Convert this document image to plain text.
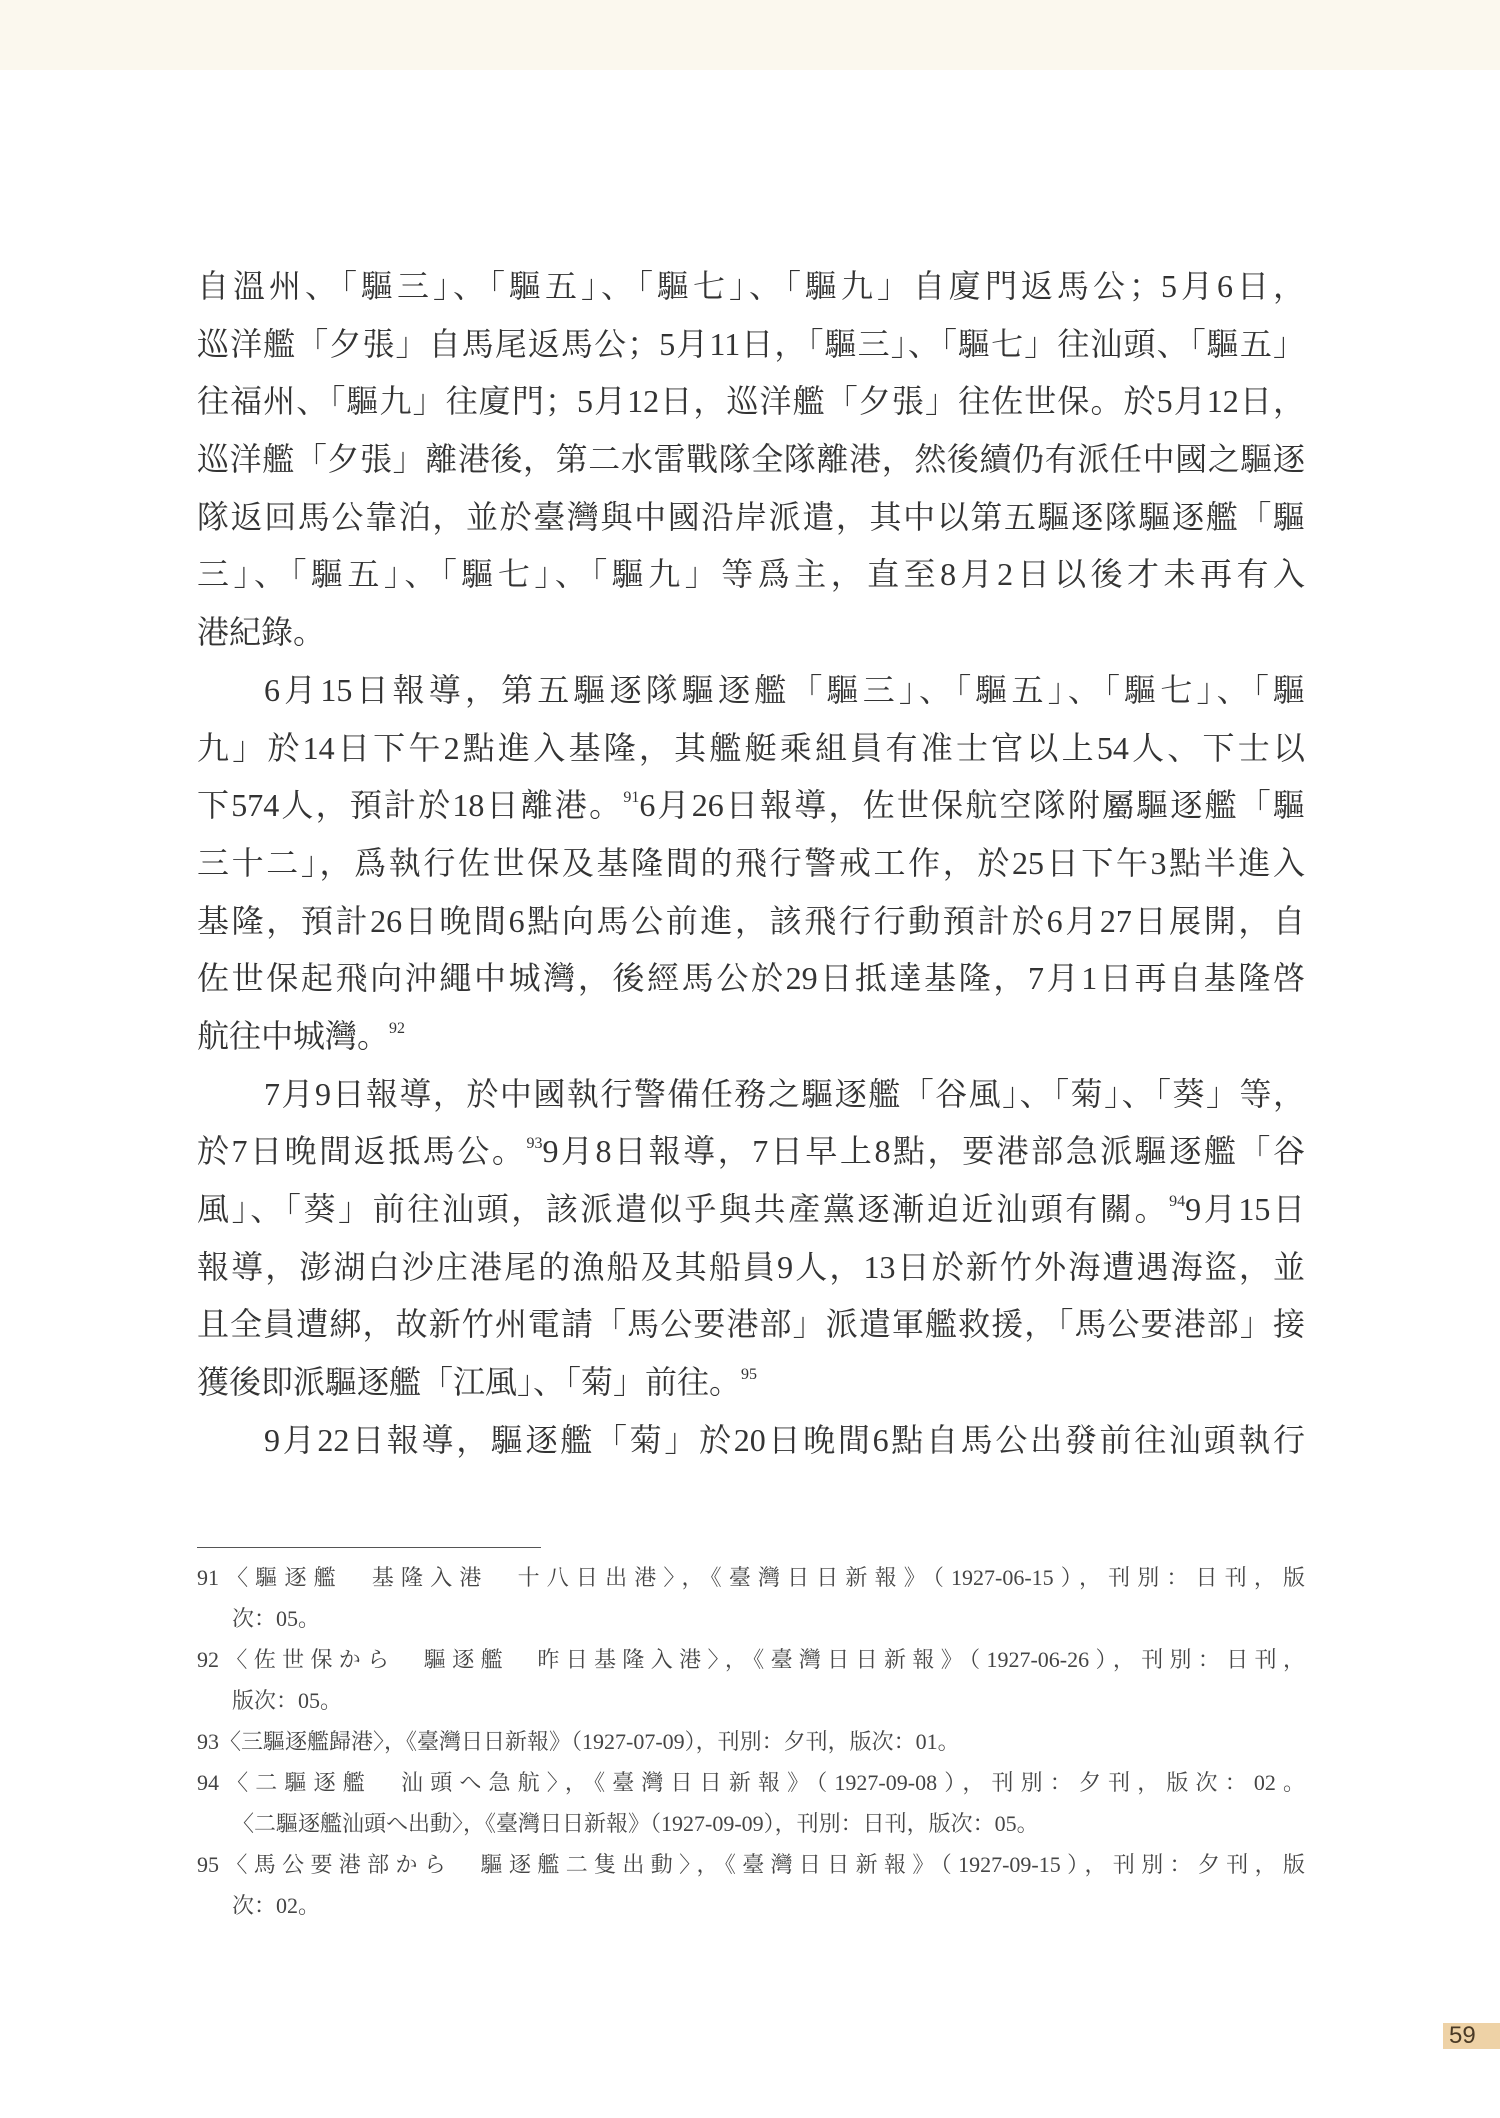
自溫州、「驅三」、「驅五」、「驅七」、「驅九」自廈門返馬公；5月6日，
巡洋艦「夕張」自馬尾返馬公；5月11日，「驅三」、「驅七」往汕頭、「驅五」
往福州、「驅九」往廈門；5月12日，巡洋艦「夕張」往佐世保。於5月12日，
巡洋艦「夕張」離港後，第二水雷戰隊全隊離港，然後續仍有派任中國之驅逐
隊返回馬公靠泊，並於臺灣與中國沿岸派遣，其中以第五驅逐隊驅逐艦「驅
三」、「驅五」、「驅七」、「驅九」等爲主，直至8月2日以後才未再有入
港紀錄。
6月15日報導，第五驅逐隊驅逐艦「驅三」、「驅五」、「驅七」、「驅
九」於14日下午2點進入基隆，其艦艇乘組員有准士官以上54人、下士以
下574人，預計於18日離港。$^{91}$6月26日報導，佐世保航空隊附屬驅逐艦「驅
三十二」，爲執行佐世保及基隆間的飛行警戒工作，於25日下午3點半進入
基隆，預計26日晚間6點向馬公前進，該飛行行動預計於6月27日展開，自
佐世保起飛向沖繩中城灣，後經馬公於29日抵達基隆，7月1日再自基隆啓
航往中城灣。$^{92}$
7月9日報導，於中國執行警備任務之驅逐艦「谷風」、「菊」、「葵」等，
於7日晚間返抵馬公。$^{93}$9月8日報導，7日早上8點，要港部急派驅逐艦「谷
風」、「葵」前往汕頭，該派遣似乎與共產黨逐漸迫近汕頭有關。$^{94}$9月15日
報導，澎湖白沙庄港尾的漁船及其船員9人，13日於新竹外海遭遇海盜，並
且全員遭綁，故新竹州電請「馬公要港部」派遣軍艦救援，「馬公要港部」接
獲後即派驅逐艦「江風」、「菊」前往。$^{95}$
9月22日報導，驅逐艦「菊」於20日晚間6點自馬公出發前往汕頭執行
91〈驅逐艦　基隆入港　十八日出港〉，《臺灣日日新報》（1927-06-15），刊別：日刊，版
次：05。
92〈佐世保から　驅逐艦　昨日基隆入港〉，《臺灣日日新報》（1927-06-26），刊別：日刊，
版次：05。
93〈三驅逐艦歸港〉，《臺灣日日新報》（1927-07-09），刊別：夕刊，版次：01。
94〈二驅逐艦　汕頭へ急航〉，《臺灣日日新報》（1927-09-08），刊別：夕刊，版次：02。
〈二驅逐艦汕頭へ出動〉，《臺灣日日新報》（1927-09-09），刊別：日刊，版次：05。
95〈馬公要港部から　驅逐艦二隻出動〉，《臺灣日日新報》（1927-09-15），刊別：夕刊，版
次：02。
59
